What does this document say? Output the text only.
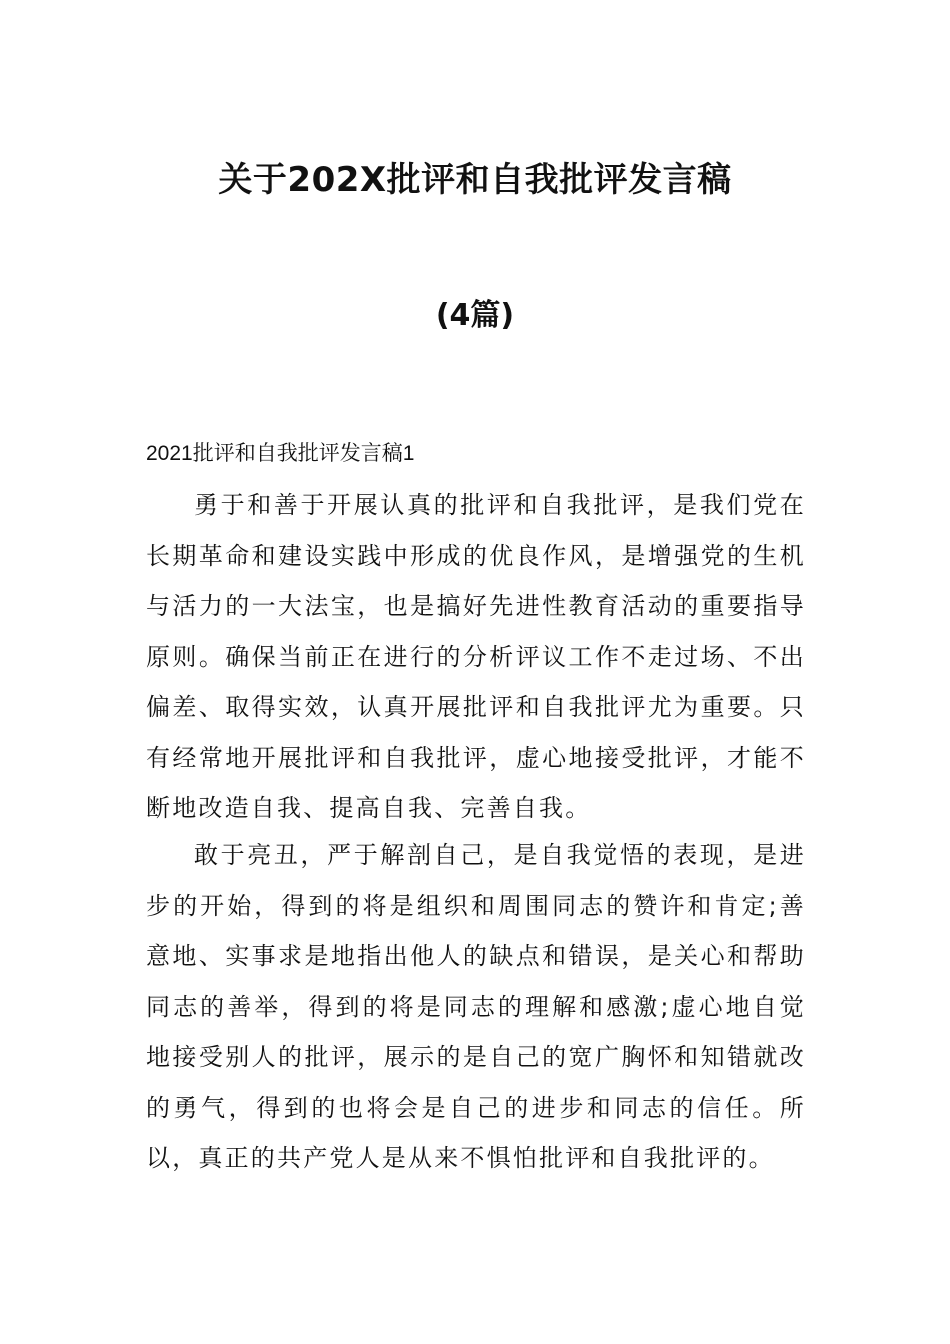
关于202X批评和自我批评发言稿
(4篇)

2021批评和自我批评发言稿1

勇于和善于开展认真的批评和自我批评，是我们党在长期革命和建设实践中形成的优良作风，是增强党的生机与活力的一大法宝，也是搞好先进性教育活动的重要指导原则。确保当前正在进行的分析评议工作不走过场、不出偏差、取得实效，认真开展批评和自我批评尤为重要。只有经常地开展批评和自我批评，虚心地接受批评，才能不断地改造自我、提高自我、完善自我。

敢于亮丑，严于解剖自己，是自我觉悟的表现，是进步的开始，得到的将是组织和周围同志的赞许和肯定;善意地、实事求是地指出他人的缺点和错误，是关心和帮助同志的善举，得到的将是同志的理解和感激;虚心地自觉地接受别人的批评，展示的是自己的宽广胸怀和知错就改的勇气，得到的也将会是自己的进步和同志的信任。所以，真正的共产党人是从来不惧怕批评和自我批评的。
